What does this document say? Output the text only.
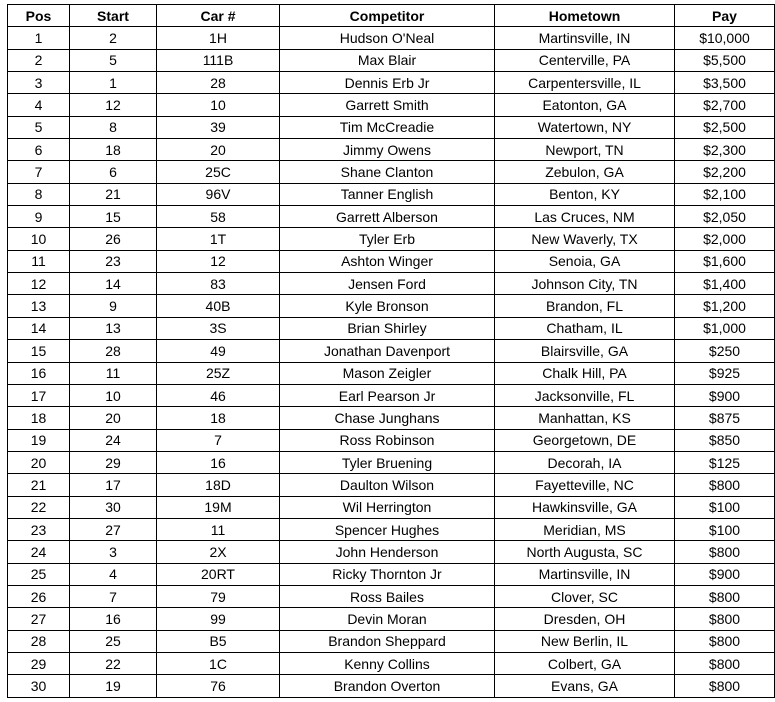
Pos	Start	Car #	Competitor	Hometown	Pay
1	2	1H	Hudson O'Neal	Martinsville, IN	$10,000
2	5	111B	Max Blair	Centerville, PA	$5,500
3	1	28	Dennis Erb Jr	Carpentersville, IL	$3,500
4	12	10	Garrett Smith	Eatonton, GA	$2,700
5	8	39	Tim McCreadie	Watertown, NY	$2,500
6	18	20	Jimmy Owens	Newport, TN	$2,300
7	6	25C	Shane Clanton	Zebulon, GA	$2,200
8	21	96V	Tanner English	Benton, KY	$2,100
9	15	58	Garrett Alberson	Las Cruces, NM	$2,050
10	26	1T	Tyler Erb	New Waverly, TX	$2,000
11	23	12	Ashton Winger	Senoia, GA	$1,600
12	14	83	Jensen Ford	Johnson City, TN	$1,400
13	9	40B	Kyle Bronson	Brandon, FL	$1,200
14	13	3S	Brian Shirley	Chatham, IL	$1,000
15	28	49	Jonathan Davenport	Blairsville, GA	$250
16	11	25Z	Mason Zeigler	Chalk Hill, PA	$925
17	10	46	Earl Pearson Jr	Jacksonville, FL	$900
18	20	18	Chase Junghans	Manhattan, KS	$875
19	24	7	Ross Robinson	Georgetown, DE	$850
20	29	16	Tyler Bruening	Decorah, IA	$125
21	17	18D	Daulton Wilson	Fayetteville, NC	$800
22	30	19M	Wil Herrington	Hawkinsville, GA	$100
23	27	11	Spencer Hughes	Meridian, MS	$100
24	3	2X	John Henderson	North Augusta, SC	$800
25	4	20RT	Ricky Thornton Jr	Martinsville, IN	$900
26	7	79	Ross Bailes	Clover, SC	$800
27	16	99	Devin Moran	Dresden, OH	$800
28	25	B5	Brandon Sheppard	New Berlin, IL	$800
29	22	1C	Kenny Collins	Colbert, GA	$800
30	19	76	Brandon Overton	Evans, GA	$800
